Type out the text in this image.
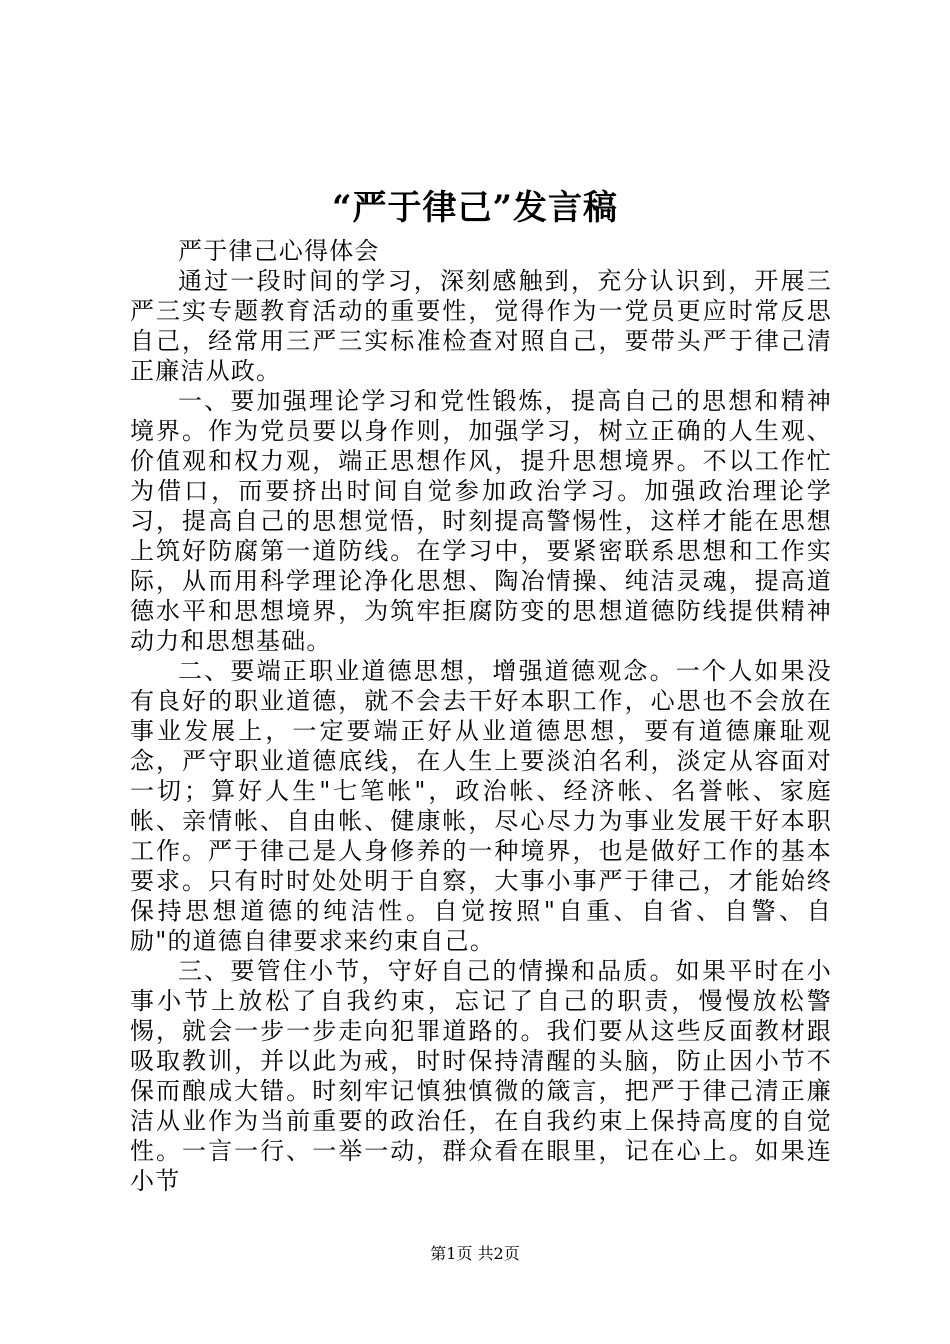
“严于律己”发言稿

严于律己心得体会

通过一段时间的学习，深刻感触到，充分认识到，开展三严三实专题教育活动的重要性，觉得作为一党员更应时常反思自己，经常用三严三实标准检查对照自己，要带头严于律己清正廉洁从政。

一、要加强理论学习和党性锻炼，提高自己的思想和精神境界。作为党员要以身作则，加强学习，树立正确的人生观、价值观和权力观，端正思想作风，提升思想境界。不以工作忙为借口，而要挤出时间自觉参加政治学习。加强政治理论学习，提高自己的思想觉悟，时刻提高警惕性，这样才能在思想上筑好防腐第一道防线。在学习中，要紧密联系思想和工作实际，从而用科学理论净化思想、陶冶情操、纯洁灵魂，提高道德水平和思想境界，为筑牢拒腐防变的思想道德防线提供精神动力和思想基础。

二、要端正职业道德思想，增强道德观念。一个人如果没有良好的职业道德，就不会去干好本职工作，心思也不会放在事业发展上，一定要端正好从业道德思想，要有道德廉耻观念，严守职业道德底线，在人生上要淡泊名利，淡定从容面对一切；算好人生"七笔帐"，政治帐、经济帐、名誉帐、家庭帐、亲情帐、自由帐、健康帐，尽心尽力为事业发展干好本职工作。严于律己是人身修养的一种境界，也是做好工作的基本要求。只有时时处处明于自察，大事小事严于律己，才能始终保持思想道德的纯洁性。自觉按照"自重、自省、自警、自励"的道德自律要求来约束自己。

三、要管住小节，守好自己的情操和品质。如果平时在小事小节上放松了自我约束，忘记了自己的职责，慢慢放松警惕，就会一步一步走向犯罪道路的。我们要从这些反面教材跟吸取教训，并以此为戒，时时保持清醒的头脑，防止因小节不保而酿成大错。时刻牢记慎独慎微的箴言，把严于律己清正廉洁从业作为当前重要的政治任，在自我约束上保持高度的自觉性。一言一行、一举一动，群众看在眼里，记在心上。如果连小节

第1页 共2页
